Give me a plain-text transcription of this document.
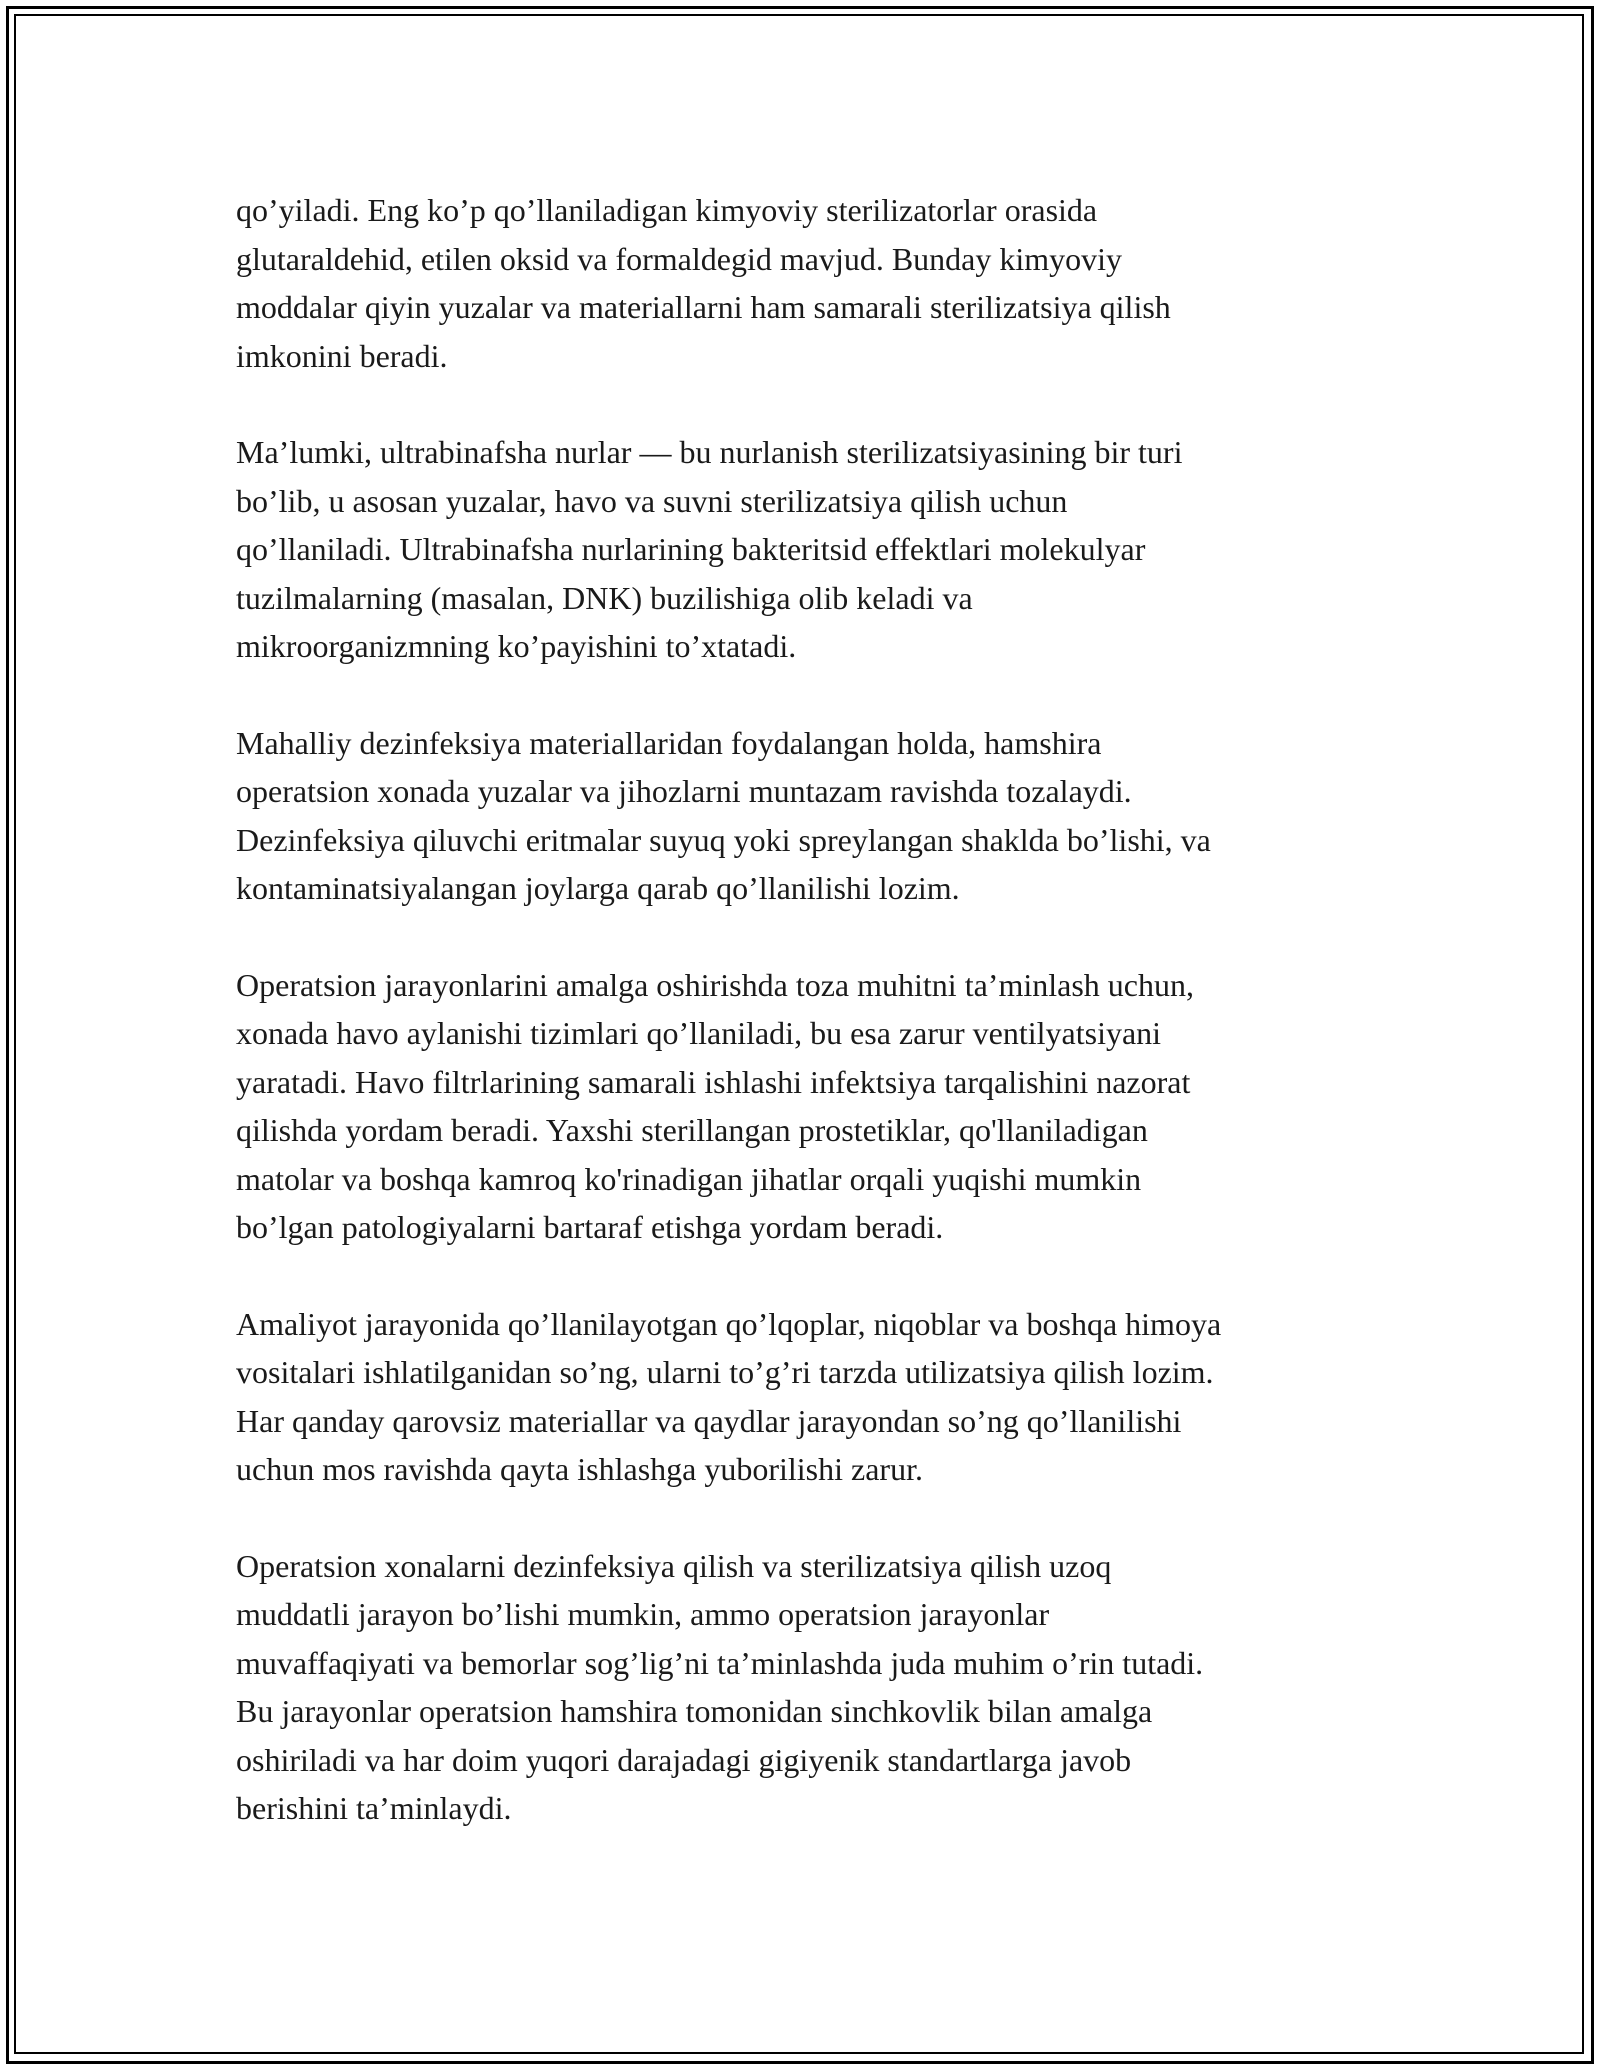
qo’yiladi. Eng ko’p qo’llaniladigan kimyoviy sterilizatorlar orasida
glutaraldehid, etilen oksid va formaldegid mavjud. Bunday kimyoviy
moddalar qiyin yuzalar va materiallarni ham samarali sterilizatsiya qilish
imkonini beradi.

Ma’lumki, ultrabinafsha nurlar — bu nurlanish sterilizatsiyasining bir turi
bo’lib, u asosan yuzalar, havo va suvni sterilizatsiya qilish uchun
qo’llaniladi. Ultrabinafsha nurlarining bakteritsid effektlari molekulyar
tuzilmalarning (masalan, DNK) buzilishiga olib keladi va
mikroorganizmning ko’payishini to’xtatadi.

Mahalliy dezinfeksiya materiallaridan foydalangan holda, hamshira
operatsion xonada yuzalar va jihozlarni muntazam ravishda tozalaydi.
Dezinfeksiya qiluvchi eritmalar suyuq yoki spreylangan shaklda bo’lishi, va
kontaminatsiyalangan joylarga qarab qo’llanilishi lozim.

Operatsion jarayonlarini amalga oshirishda toza muhitni ta’minlash uchun,
xonada havo aylanishi tizimlari qo’llaniladi, bu esa zarur ventilyatsiyani
yaratadi. Havo filtrlarining samarali ishlashi infektsiya tarqalishini nazorat
qilishda yordam beradi. Yaxshi sterillangan prostetiklar, qo'llaniladigan
matolar va boshqa kamroq ko'rinadigan jihatlar orqali yuqishi mumkin
bo’lgan patologiyalarni bartaraf etishga yordam beradi.

Amaliyot jarayonida qo’llanilayotgan qo’lqoplar, niqoblar va boshqa himoya
vositalari ishlatilganidan so’ng, ularni to’g’ri tarzda utilizatsiya qilish lozim.
Har qanday qarovsiz materiallar va qaydlar jarayondan so’ng qo’llanilishi
uchun mos ravishda qayta ishlashga yuborilishi zarur.

Operatsion xonalarni dezinfeksiya qilish va sterilizatsiya qilish uzoq
muddatli jarayon bo’lishi mumkin, ammo operatsion jarayonlar
muvaffaqiyati va bemorlar sog’lig’ni ta’minlashda juda muhim o’rin tutadi.
Bu jarayonlar operatsion hamshira tomonidan sinchkovlik bilan amalga
oshiriladi va har doim yuqori darajadagi gigiyenik standartlarga javob
berishini ta’minlaydi.
